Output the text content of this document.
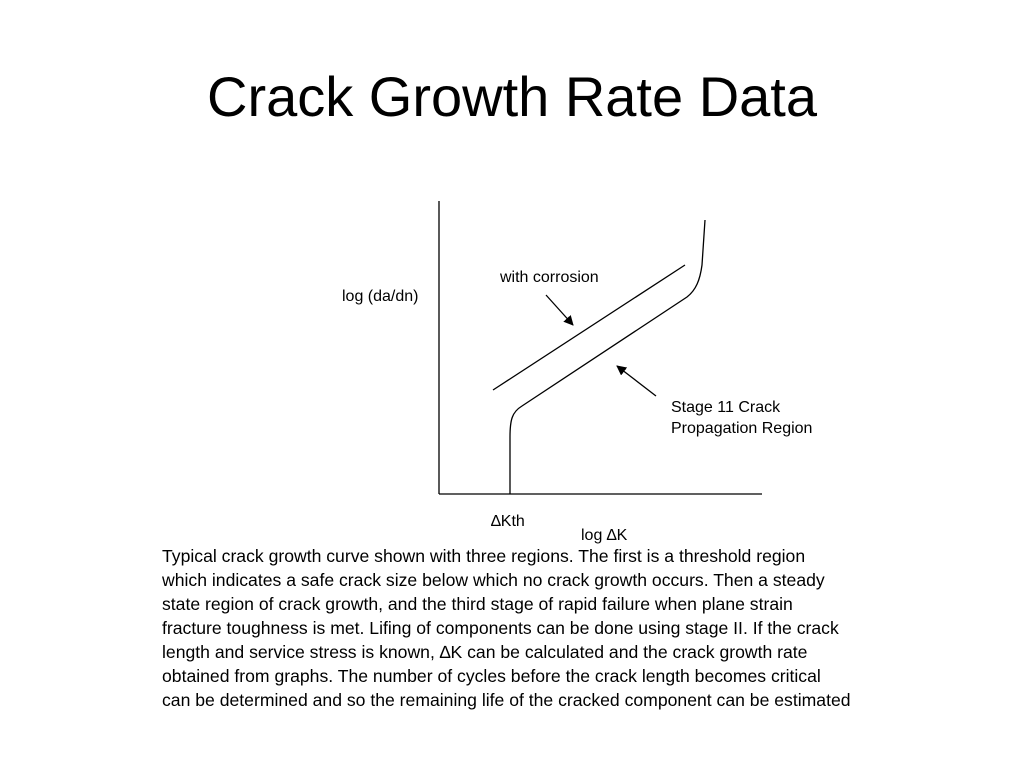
Crack Growth Rate Data
log (da/dn)
with corrosion
Stage 11 Crack
Propagation Region
∆Kth
log ∆K

Typical crack growth curve shown with three regions. The first is a threshold region
which indicates a safe crack size below which no crack growth occurs. Then a steady
state region of crack growth, and the third stage of rapid failure when plane strain
fracture toughness is met. Lifing of components can be done using stage II. If the crack
length and service stress is known, ∆K can be calculated and the crack growth rate
obtained from graphs. The number of cycles before the crack length becomes critical
can be determined and so the remaining life of the cracked component can be estimated
